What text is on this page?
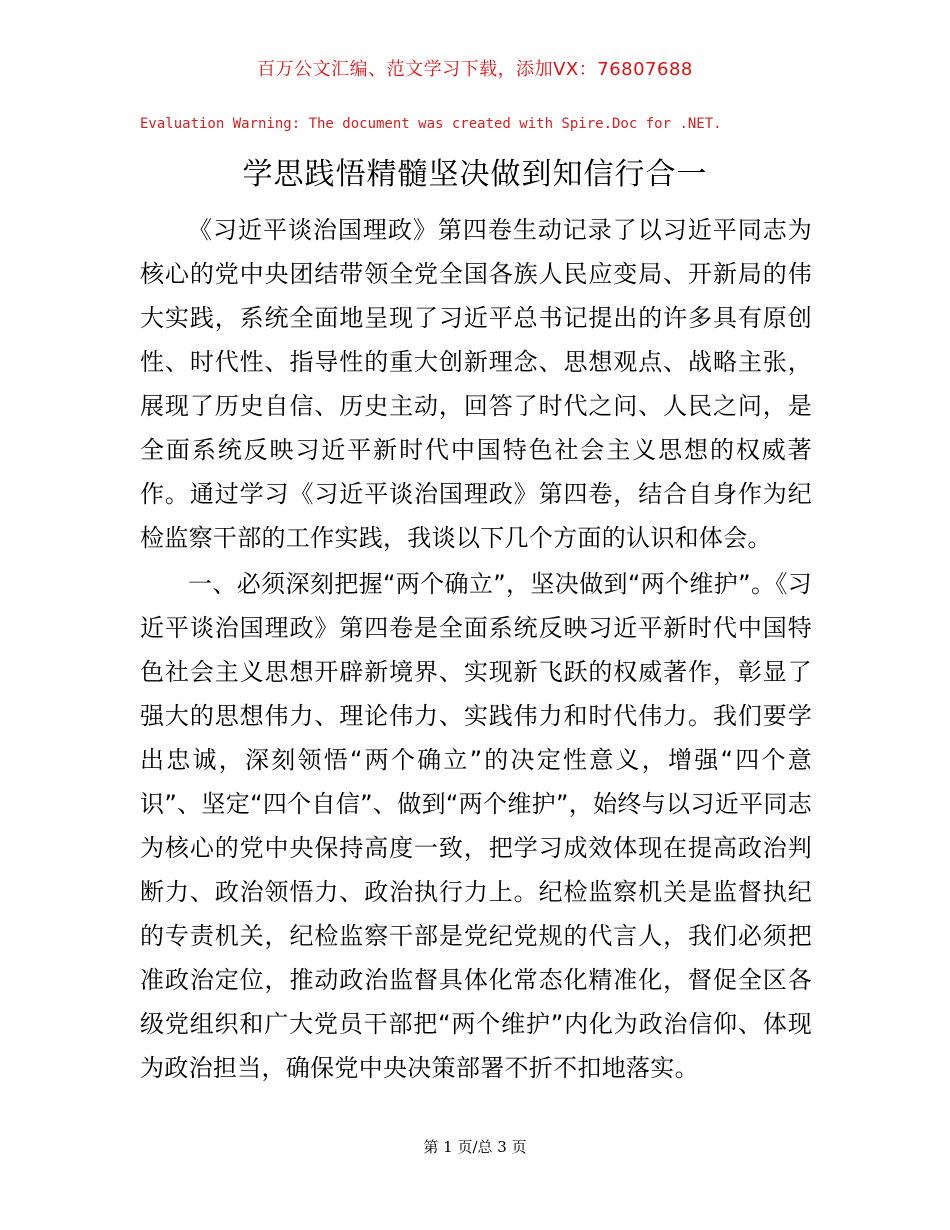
百万公文汇编、范文学习下载，添加VX：76807688
Evaluation Warning: The document was created with Spire.Doc for .NET.
学思践悟精髓坚决做到知信行合一

《习近平谈治国理政》第四卷生动记录了以习近平同志为核心的党中央团结带领全党全国各族人民应变局、开新局的伟大实践，系统全面地呈现了习近平总书记提出的许多具有原创性、时代性、指导性的重大创新理念、思想观点、战略主张，展现了历史自信、历史主动，回答了时代之问、人民之问，是全面系统反映习近平新时代中国特色社会主义思想的权威著作。通过学习《习近平谈治国理政》第四卷，结合自身作为纪检监察干部的工作实践，我谈以下几个方面的认识和体会。

一、必须深刻把握“两个确立”，坚决做到“两个维护”。《习近平谈治国理政》第四卷是全面系统反映习近平新时代中国特色社会主义思想开辟新境界、实现新飞跃的权威著作，彰显了强大的思想伟力、理论伟力、实践伟力和时代伟力。我们要学出忠诚，深刻领悟“两个确立”的决定性意义，增强“四个意识”、坚定“四个自信”、做到“两个维护”，始终与以习近平同志为核心的党中央保持高度一致，把学习成效体现在提高政治判断力、政治领悟力、政治执行力上。纪检监察机关是监督执纪的专责机关，纪检监察干部是党纪党规的代言人，我们必须把准政治定位，推动政治监督具体化常态化精准化，督促全区各级党组织和广大党员干部把“两个维护”内化为政治信仰、体现为政治担当，确保党中央决策部署不折不扣地落实。

第 1 页/总 3 页
